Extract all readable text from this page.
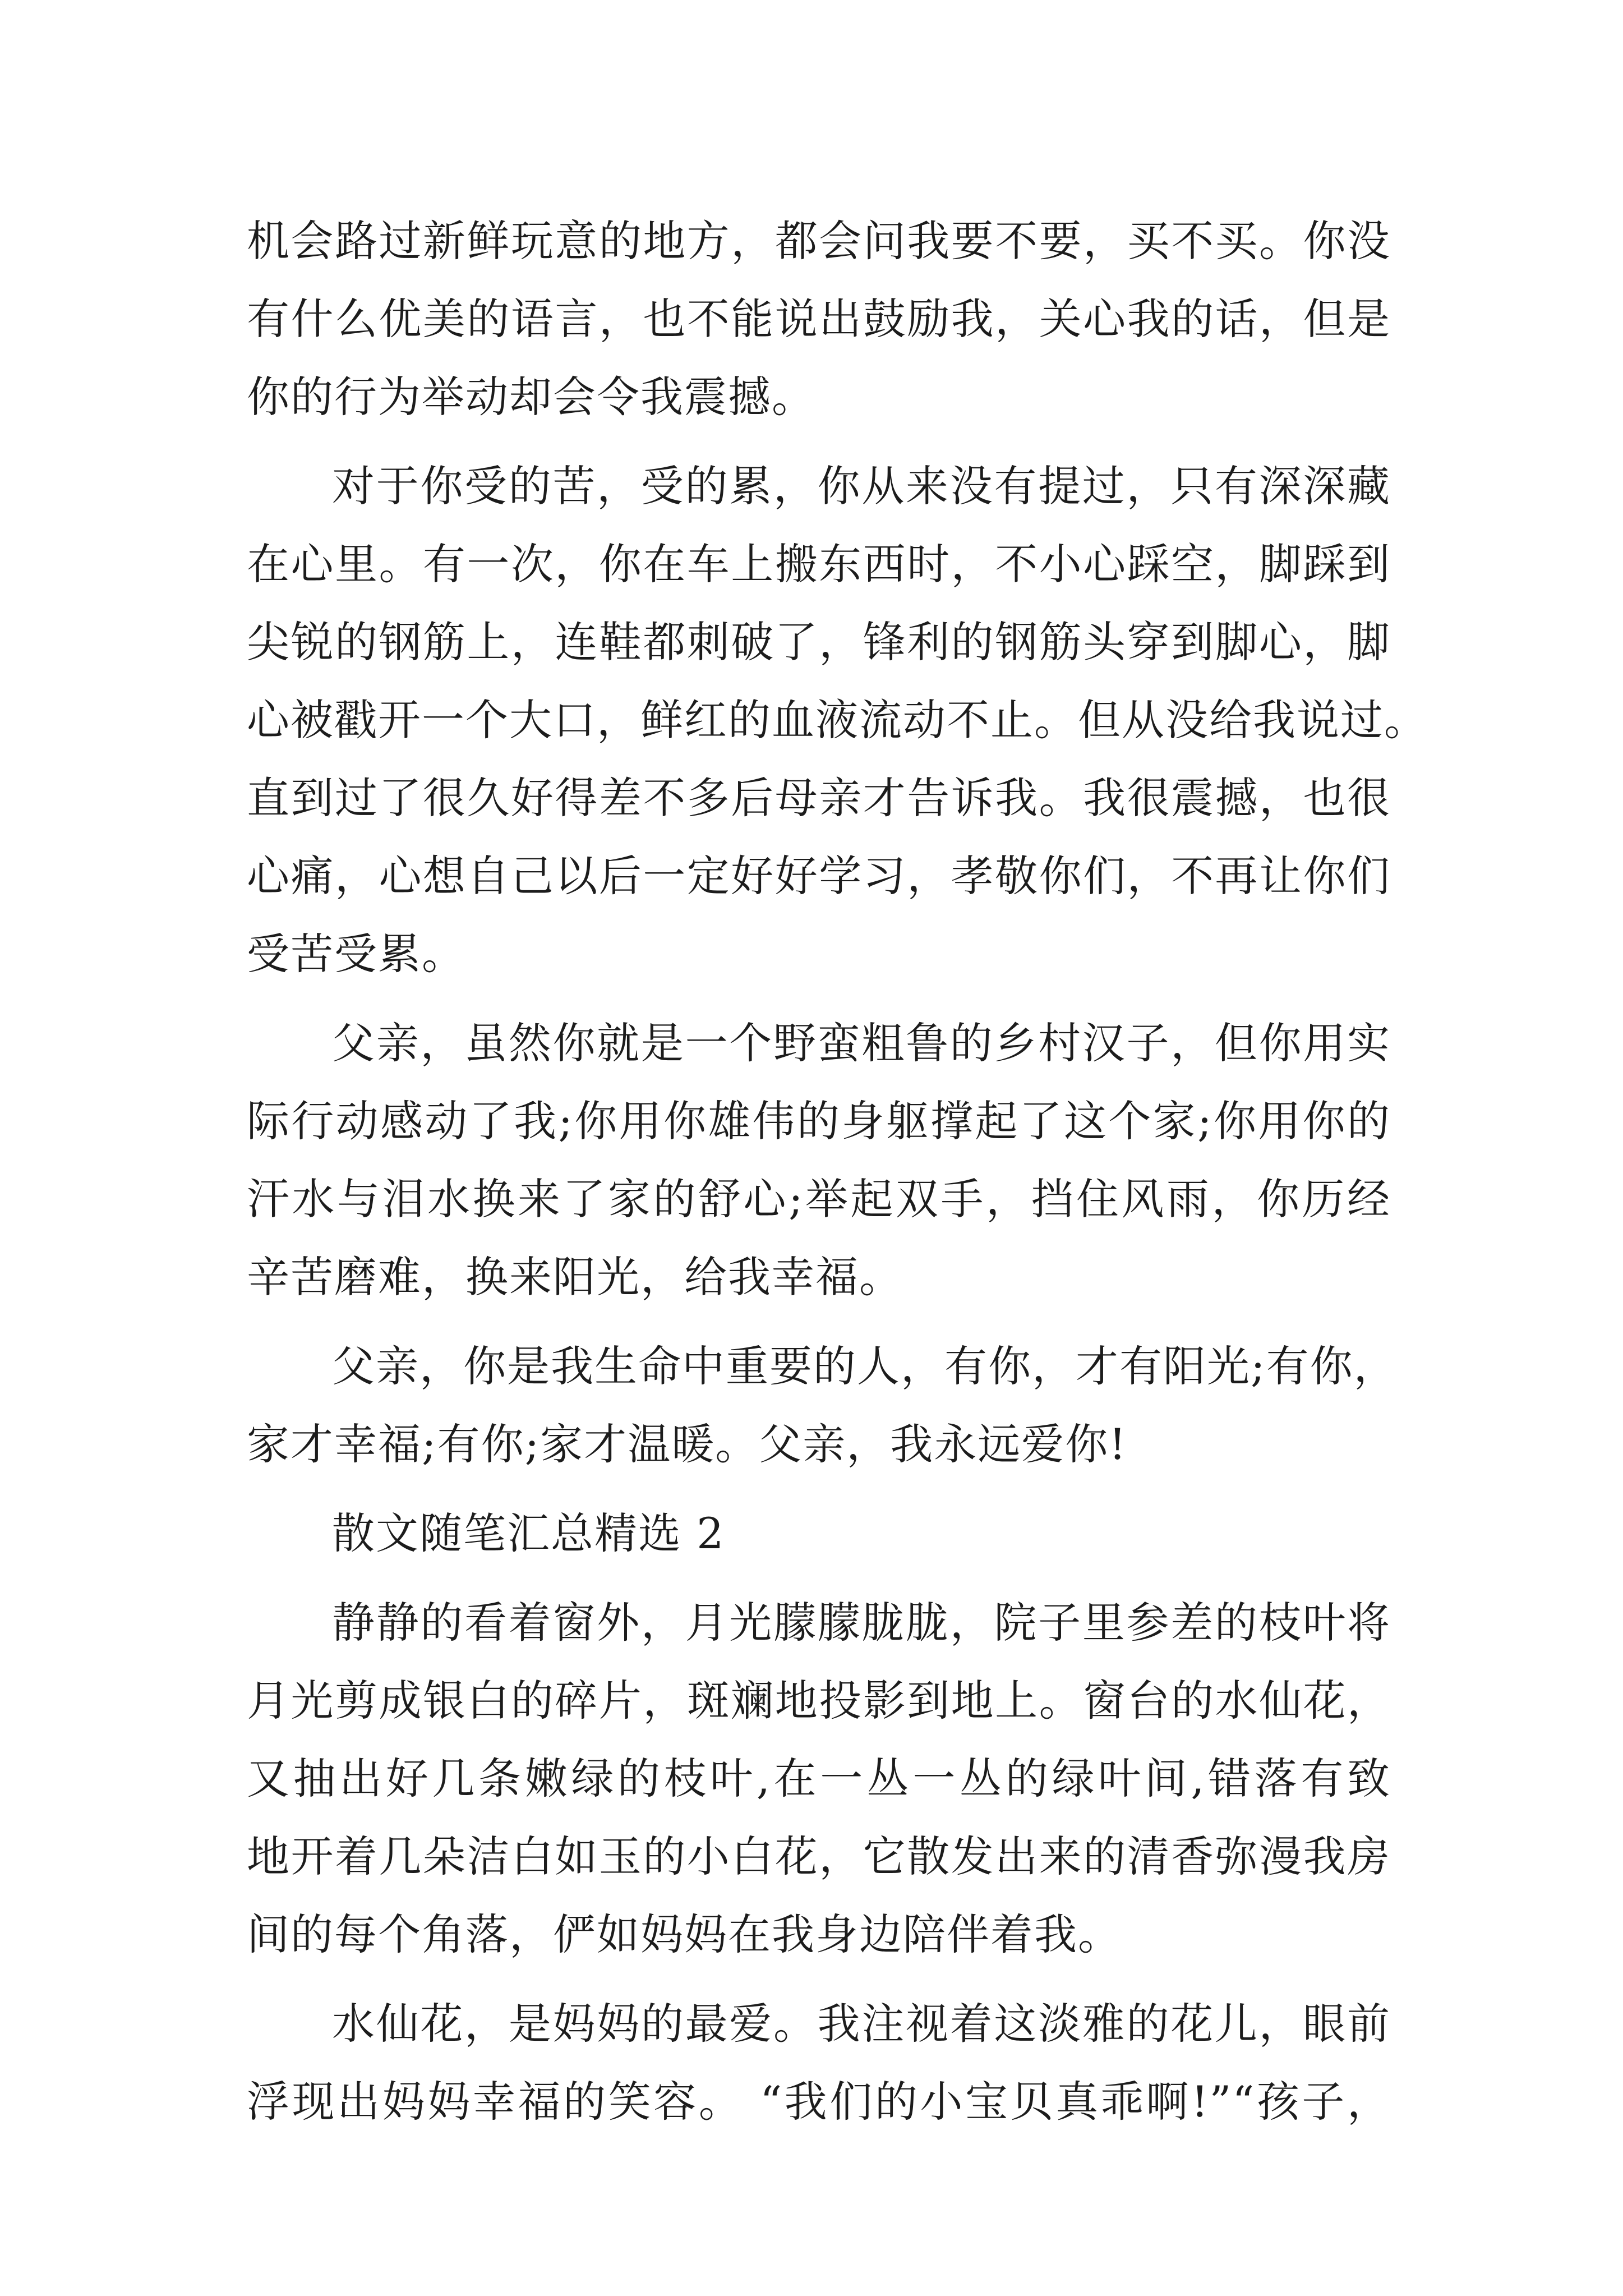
机会路过新鲜玩意的地方，都会问我要不要，买不买。你没
有什么优美的语言，也不能说出鼓励我，关心我的话，但是
你的行为举动却会令我震撼。
对于你受的苦，受的累，你从来没有提过，只有深深藏
在心里。有一次，你在车上搬东西时，不小心踩空，脚踩到
尖锐的钢筋上，连鞋都刺破了，锋利的钢筋头穿到脚心，脚
心被戳开一个大口，鲜红的血液流动不止。但从没给我说过。
直到过了很久好得差不多后母亲才告诉我。我很震撼，也很
心痛，心想自己以后一定好好学习，孝敬你们，不再让你们
受苦受累。
父亲，虽然你就是一个野蛮粗鲁的乡村汉子，但你用实
际行动感动了我;你用你雄伟的身躯撑起了这个家;你用你的
汗水与泪水换来了家的舒心;举起双手，挡住风雨，你历经
辛苦磨难，换来阳光，给我幸福。
父亲，你是我生命中重要的人，有你，才有阳光;有你，
家才幸福;有你;家才温暖。父亲，我永远爱你!
散文随笔汇总精选 2
静静的看着窗外，月光朦朦胧胧，院子里参差的枝叶将
月光剪成银白的碎片，斑斓地投影到地上。窗台的水仙花，
又抽出好几条嫩绿的枝叶,在一丛一丛的绿叶间,错落有致
地开着几朵洁白如玉的小白花，它散发出来的清香弥漫我房
间的每个角落，俨如妈妈在我身边陪伴着我。
水仙花，是妈妈的最爱。我注视着这淡雅的花儿，眼前
浮现出妈妈幸福的笑容。 “我们的小宝贝真乖啊!”“孩子，
